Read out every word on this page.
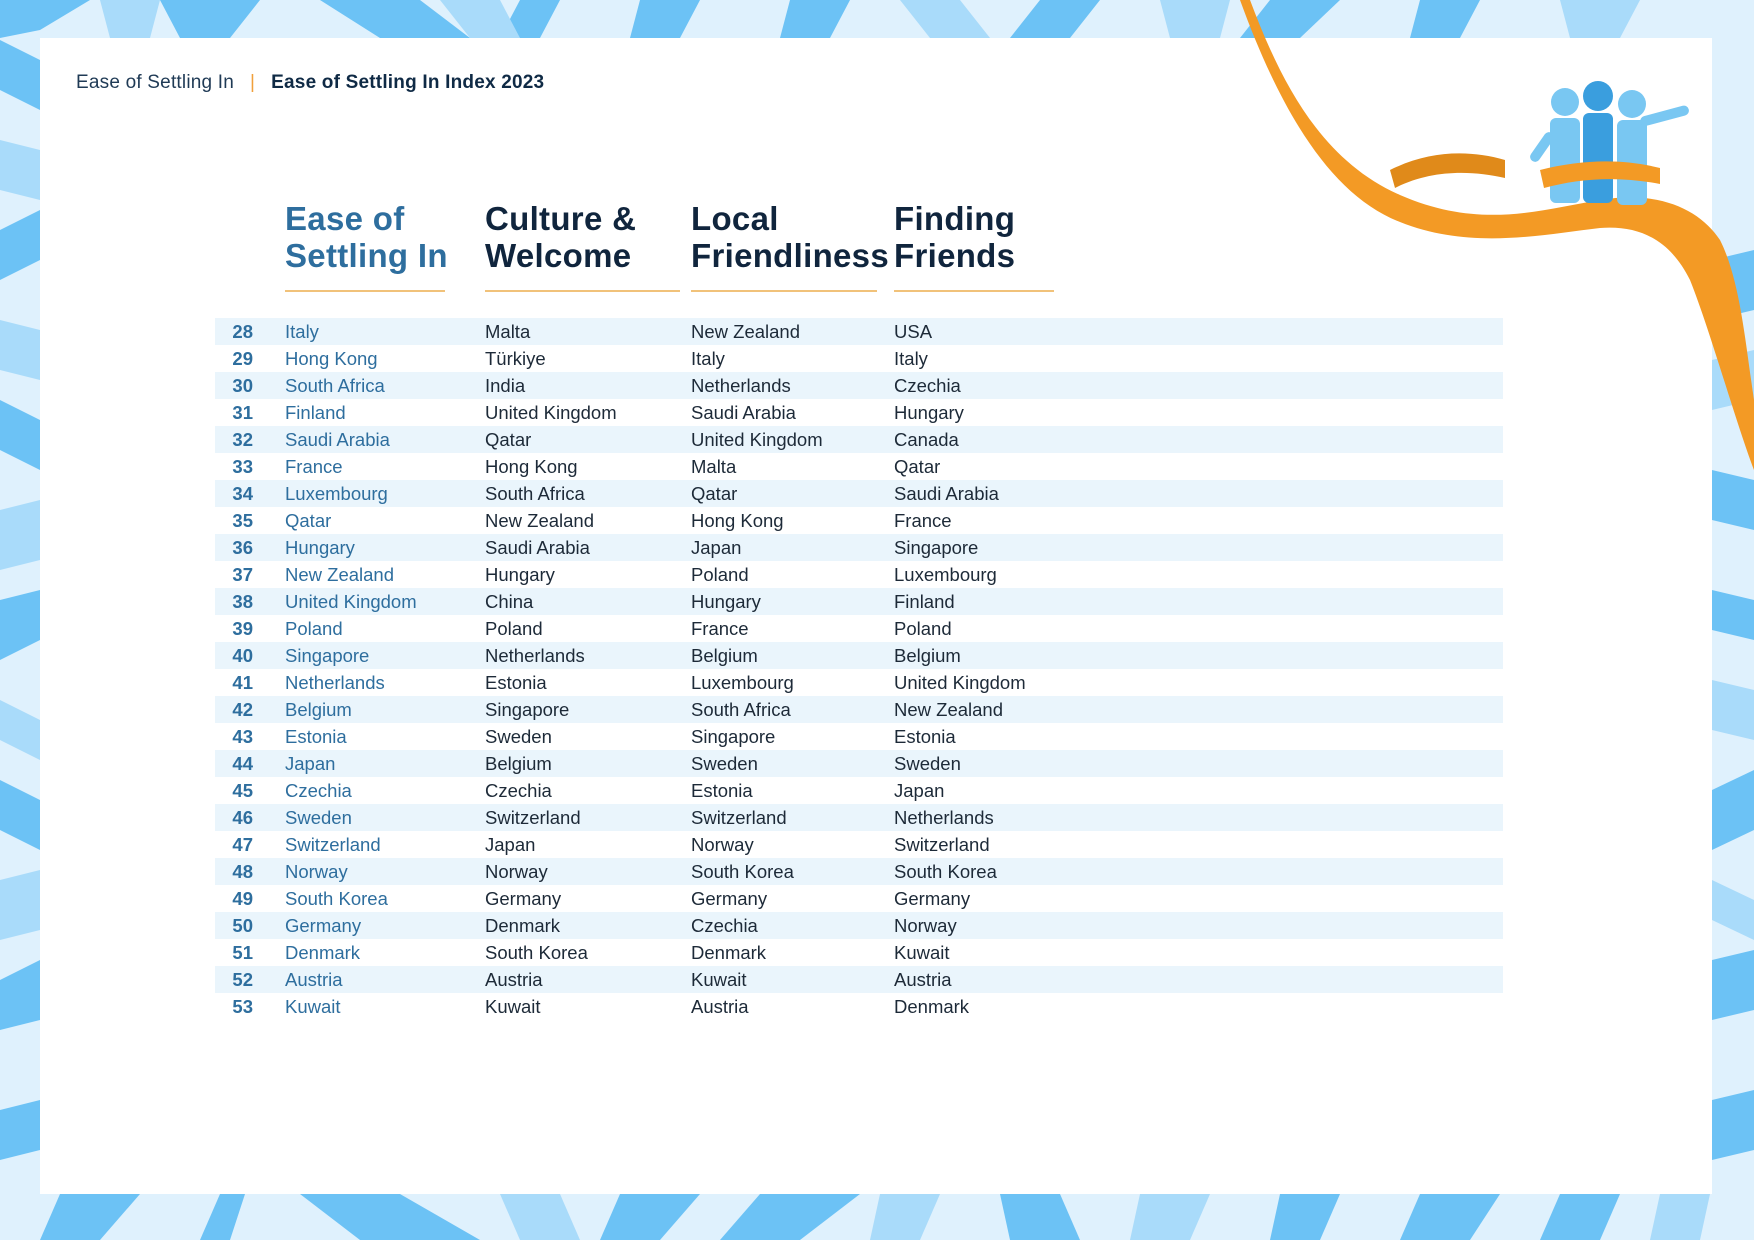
Ease of Settling In | Ease of Settling In Index 2023
Ease of
Settling In
Culture &
Welcome
Local
Friendliness
Finding
Friends
28 Italy	Malta	New Zealand	USA
29 Hong Kong	Türkiye	Italy	Italy
30 South Africa	India	Netherlands	Czechia
31 Finland	United Kingdom	Saudi Arabia	Hungary
32 Saudi Arabia	Qatar	United Kingdom	Canada
33 France	Hong Kong	Malta	Qatar
34 Luxembourg	South Africa	Qatar	Saudi Arabia
35 Qatar	New Zealand	Hong Kong	France
36 Hungary	Saudi Arabia	Japan	Singapore
37 New Zealand	Hungary	Poland	Luxembourg
38 United Kingdom	China	Hungary	Finland
39 Poland	Poland	France	Poland
40 Singapore	Netherlands	Belgium	Belgium
41 Netherlands	Estonia	Luxembourg	United Kingdom
42 Belgium	Singapore	South Africa	New Zealand
43 Estonia	Sweden	Singapore	Estonia
44 Japan	Belgium	Sweden	Sweden
45 Czechia	Czechia	Estonia	Japan
46 Sweden	Switzerland	Switzerland	Netherlands
47 Switzerland	Japan	Norway	Switzerland
48 Norway	Norway	South Korea	South Korea
49 South Korea	Germany	Germany	Germany
50 Germany	Denmark	Czechia	Norway
51 Denmark	South Korea	Denmark	Kuwait
52 Austria	Austria	Kuwait	Austria
53 Kuwait	Kuwait	Austria	Denmark
